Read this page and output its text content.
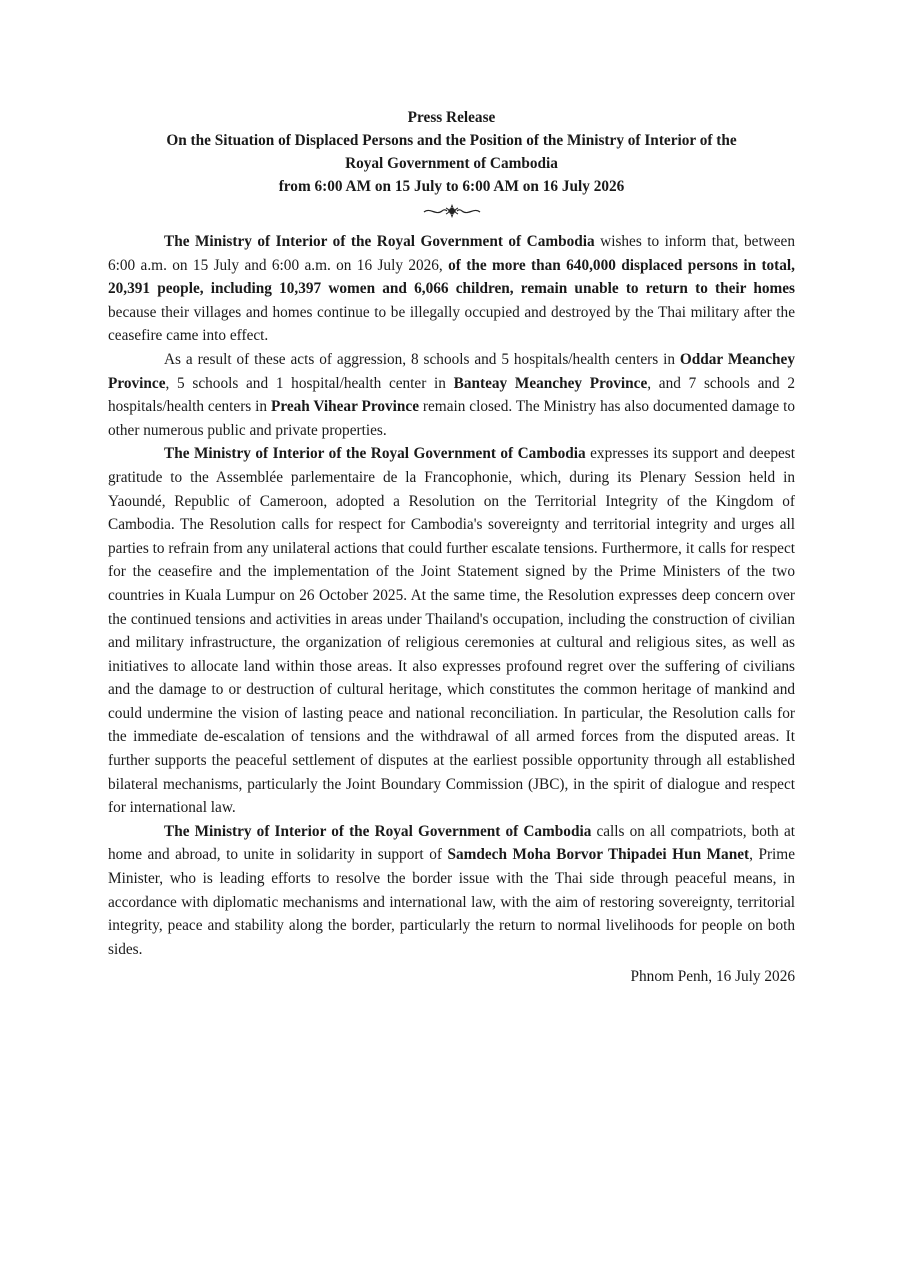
Press Release
On the Situation of Displaced Persons and the Position of the Ministry of Interior of the
Royal Government of Cambodia
from 6:00 AM on 15 July to 6:00 AM on 16 July 2026

The Ministry of Interior of the Royal Government of Cambodia wishes to inform that, between 6:00 a.m. on 15 July and 6:00 a.m. on 16 July 2026, of the more than 640,000 displaced persons in total, 20,391 people, including 10,397 women and 6,066 children, remain unable to return to their homes because their villages and homes continue to be illegally occupied and destroyed by the Thai military after the ceasefire came into effect.

As a result of these acts of aggression, 8 schools and 5 hospitals/health centers in Oddar Meanchey Province, 5 schools and 1 hospital/health center in Banteay Meanchey Province, and 7 schools and 2 hospitals/health centers in Preah Vihear Province remain closed. The Ministry has also documented damage to other numerous public and private properties.

The Ministry of Interior of the Royal Government of Cambodia expresses its support and deepest gratitude to the Assemblée parlementaire de la Francophonie, which, during its Plenary Session held in Yaoundé, Republic of Cameroon, adopted a Resolution on the Territorial Integrity of the Kingdom of Cambodia. The Resolution calls for respect for Cambodia's sovereignty and territorial integrity and urges all parties to refrain from any unilateral actions that could further escalate tensions. Furthermore, it calls for respect for the ceasefire and the implementation of the Joint Statement signed by the Prime Ministers of the two countries in Kuala Lumpur on 26 October 2025. At the same time, the Resolution expresses deep concern over the continued tensions and activities in areas under Thailand's occupation, including the construction of civilian and military infrastructure, the organization of religious ceremonies at cultural and religious sites, as well as initiatives to allocate land within those areas. It also expresses profound regret over the suffering of civilians and the damage to or destruction of cultural heritage, which constitutes the common heritage of mankind and could undermine the vision of lasting peace and national reconciliation. In particular, the Resolution calls for the immediate de-escalation of tensions and the withdrawal of all armed forces from the disputed areas. It further supports the peaceful settlement of disputes at the earliest possible opportunity through all established bilateral mechanisms, particularly the Joint Boundary Commission (JBC), in the spirit of dialogue and respect for international law.

The Ministry of Interior of the Royal Government of Cambodia calls on all compatriots, both at home and abroad, to unite in solidarity in support of Samdech Moha Borvor Thipadei Hun Manet, Prime Minister, who is leading efforts to resolve the border issue with the Thai side through peaceful means, in accordance with diplomatic mechanisms and international law, with the aim of restoring sovereignty, territorial integrity, peace and stability along the border, particularly the return to normal livelihoods for people on both sides.

Phnom Penh, 16 July 2026
